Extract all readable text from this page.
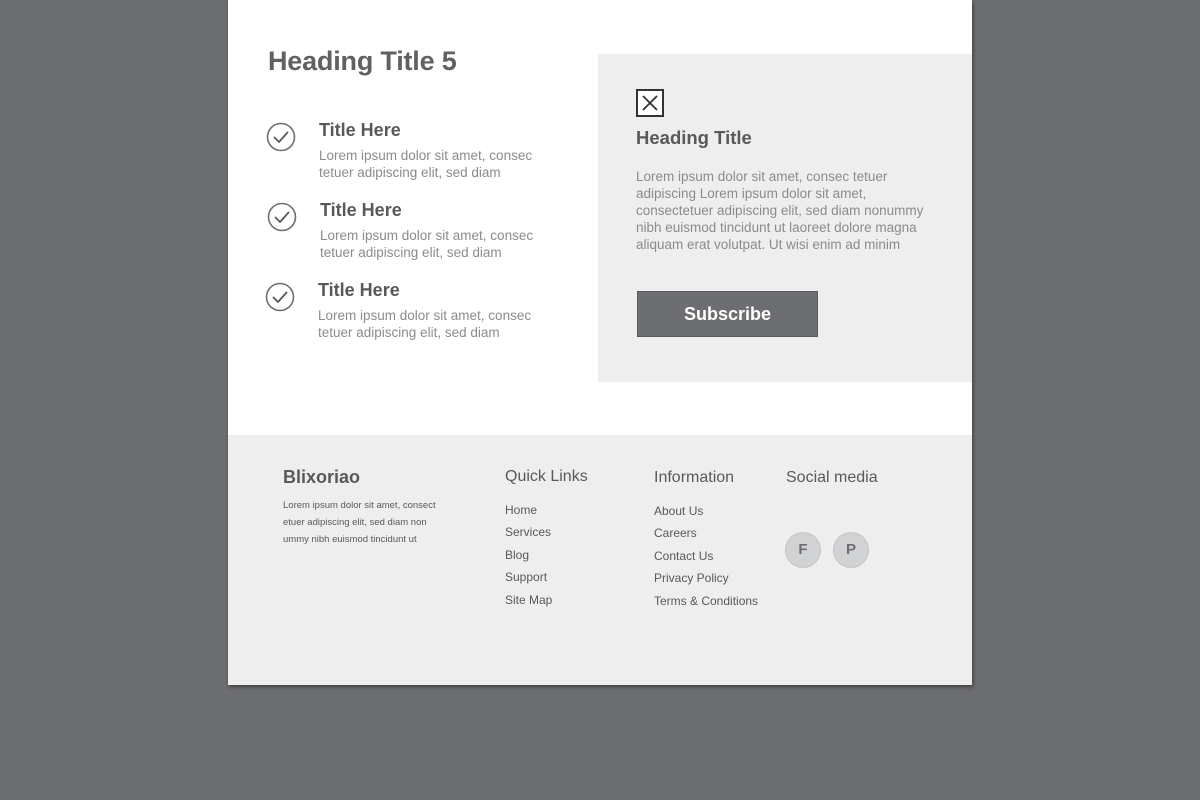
Heading Title 5
Title Here

Lorem ipsum dolor sit amet, consec tetuer adipiscing elit, sed diam

Title Here

Lorem ipsum dolor sit amet, consec tetuer adipiscing elit, sed diam

Title Here

Lorem ipsum dolor sit amet, consec tetuer adipiscing elit, sed diam

Heading Title

Lorem ipsum dolor sit amet, consec tetuer adipiscing Lorem ipsum dolor sit amet, consectetuer adipiscing elit, sed diam nonummy nibh euismod tincidunt ut laoreet dolore magna aliquam erat volutpat. Ut wisi enim ad minim

Subscribe
Blixoriao

Lorem ipsum dolor sit amet, consect etuer adipiscing elit, sed diam non ummy nibh euismod tincidunt ut

Quick Links
Home
Services
Blog
Support
Site Map
Information
About Us
Careers
Contact Us
Privacy Policy
Terms & Conditions
Social media
F	P
